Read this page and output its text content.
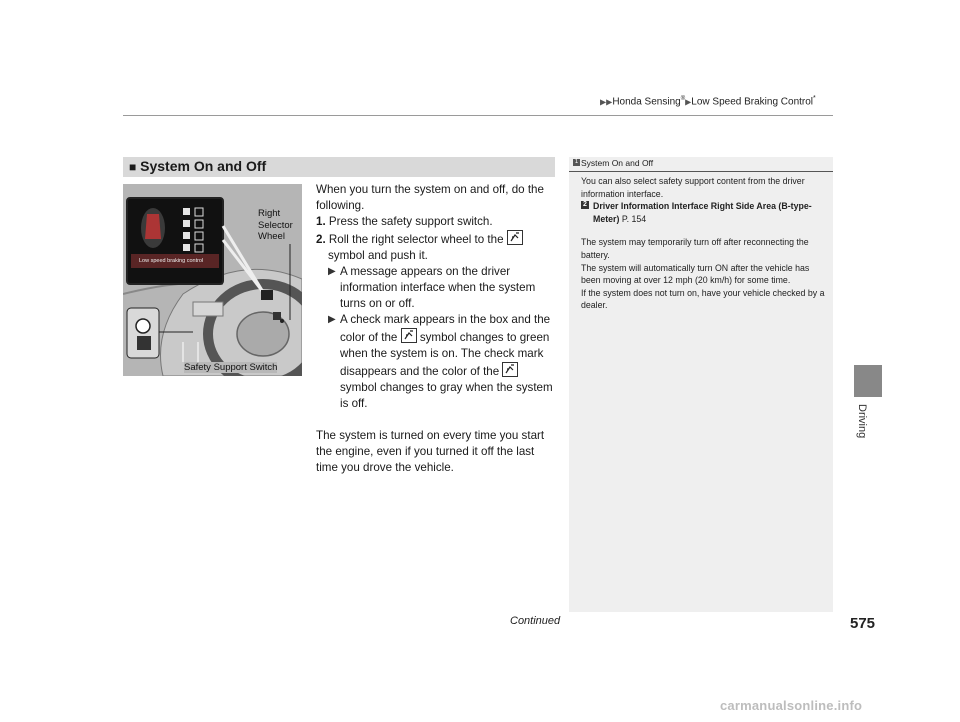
▶▶Honda Sensing®▶Low Speed Braking Control*
■ System On and Off
Low speed braking control
Right
Selector
Wheel
Safety Support Switch

When you turn the system on and off, do the following.

1. Press the safety support switch.

2. Roll the right selector wheel to the

symbol and push it.

▶ A message appears on the driver information interface when the system turns on or off.

▶ A check mark appears in the box and the color of the symbol changes to green when the system is on. The check mark disappears and the color of the
symbol changes to gray when the system is off.

The system is turned on every time you start the engine, even if you turned it off the last time you drove the vehicle.

1 System On and Off

You can also select safety support content from the driver information interface.

2 Driver Information Interface Right Side Area (B-type-Meter) P. 154

The system may temporarily turn off after reconnecting the battery.

The system will automatically turn ON after the vehicle has been moving at over 12 mph (20 km/h) for some time.

If the system does not turn on, have your vehicle checked by a dealer.

Driving
Continued	575
carmanualsonline.info
